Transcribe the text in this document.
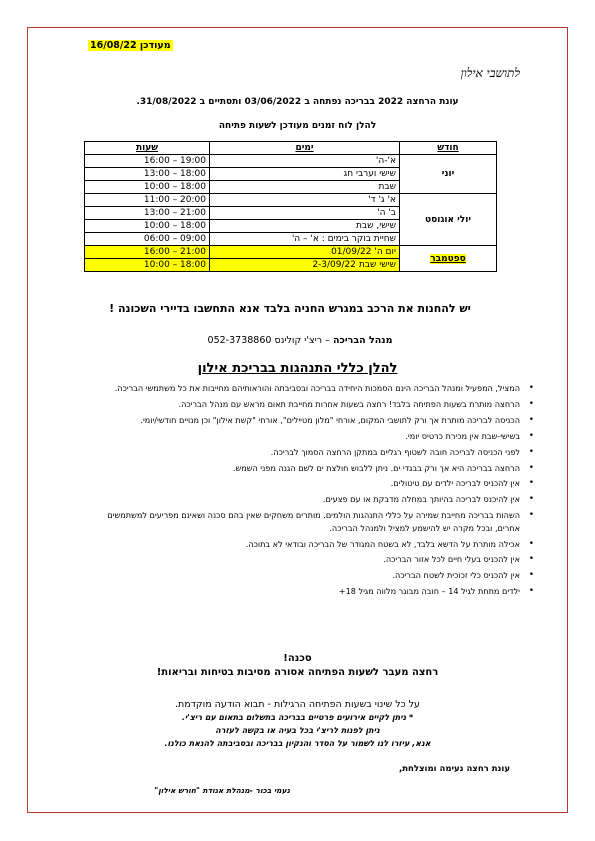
מעודכן 16/08/22
לתושבי אילון
עונת הרחצה 2022 בבריכה נפתחה ב 03/06/2022 ותסתיים ב 31/08/2022.
להלן לוח זמנים מעודכן לשעות פתיחה
חודש	ימים	שעות
יוני	א'-ה'	16:00 – 19:00
	שישי וערבי חג	13:00 – 18:00
	שבת	10:00 – 18:00
יולי אוגוסט	א' ג' ד'	11:00 – 20:00
	ב' ה'	13:00 – 21:00
	שישי, שבת	10:00 – 18:00
	שחיית בוקר בימים : א' – ה'	06:00 – 09:00
ספטמבר	יום ה' 01/09/22	16:00 – 21:00
	שישי שבת 2-3/09/22	10:00 – 18:00
יש להחנות את הרכב במגרש החניה בלבד אנא התחשבו בדיירי השכונה !
מנהל הבריכה – ריצ'י קולינס 052-3738860
להלן כללי התנהגות בבריכת אילון
•
המציל, המפעיל ומנהל הבריכה הינם הסמכות היחידה בבריכה ובסביבתה והוראותיהם מחייבות את כל משתמשי הבריכה.
•
הרחצה מותרת בשעות הפתיחה בלבד! רחצה בשעות אחרות מחייבת תאום מראש עם מנהל הבריכה.
•
הכניסה לבריכה מותרת אך ורק לתושבי המקום, אורחי "מלון מטיילים", אורחי "קשת אילון" וכן מנויים חודשי/יומי.
•
בשישי-שבת אין מכירת כרטיס יומי.
•
לפני הכניסה לבריכה חובה לשטוף רגליים במתקן הרחצה הסמוך לבריכה.
•
הרחצה בבריכה היא אך ורק בבגדי ים. ניתן ללבוש חולצת ים לשם הגנה מפני השמש.
•
אין להכניס לבריכה ילדים עם טיטולים.
•
אין להיכנס לבריכה בהיותך במחלה מדבקת או עם פצעים.
•
השהות בבריכה מחייבת שמירה על כללי התנהגות הולמים. מותרים משחקים שאין בהם סכנה ושאינם מפריעים למשתמשים אחרים, ובכל מקרה יש להישמע למציל ולמנהל הבריכה.
•
אכילה מותרת על הדשא בלבד, לא בשטח המגודר של הבריכה ובודאי לא בתוכה.
•
אין להכניס בעלי חיים לכל אזור הבריכה.
•
אין להכניס כלי זכוכית לשטח הבריכה.
•
ילדים מתחת לגיל 14 – חובה מבוגר מלווה מגיל 18+
סכנה!
רחצה מעבר לשעות הפתיחה אסורה מסיבות בטיחות ובריאות!
על כל שינוי בשעות הפתיחה הרגילות - תבוא הודעה מוקדמת.
* ניתן לקיים אירועים פרטיים בבריכה בתשלום בתאום עם ריצ'י.
ניתן לפנות לריצ'י בכל בעיה או בקשה לעזרה
אנא, עיזרו לנו לשמור על הסדר והנקיון בבריכה ובסביבתה להנאת כולנו.
עונת רחצה נעימה ומוצלחת,
נעמי בכור -מנהלת אגודת "חורש אילון"
